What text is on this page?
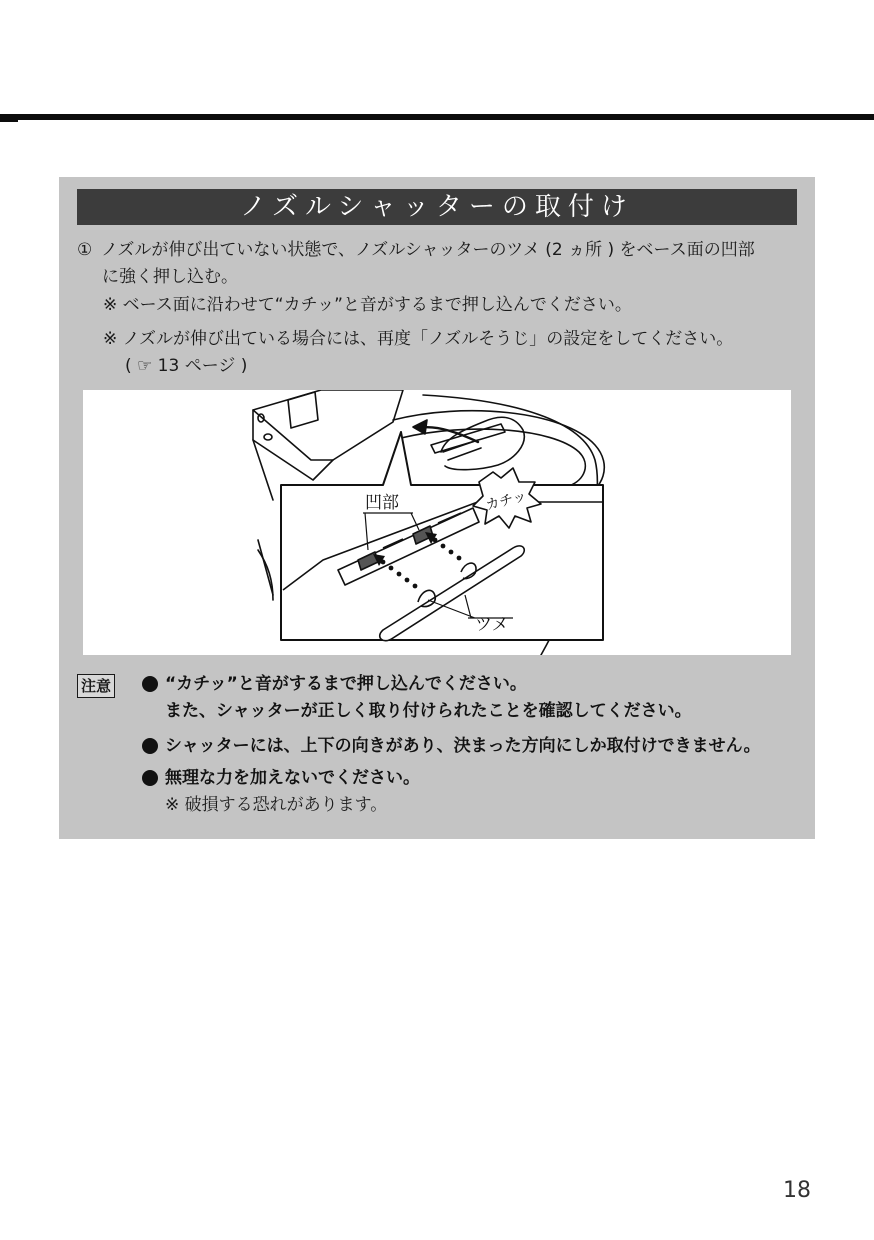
ノズルシャッターの取付け
① ノズルが伸び出ていない状態で、ノズルシャッターのツメ (2 ヵ所 ) をベース面の凹部
に強く押し込む。
※ ベース面に沿わせて“カチッ”と音がするまで押し込んでください。
※ ノズルが伸び出ている場合には、再度「ノズルそうじ」の設定をしてください。
( ☞ 13 ページ )
凹部	カチッ
ツメ
注意	“カチッ”と音がするまで押し込んでください。
また、シャッターが正しく取り付けられたことを確認してください。
シャッターには、上下の向きがあり、決まった方向にしか取付けできません。
無理な力を加えないでください。
※ 破損する恐れがあります。
18
